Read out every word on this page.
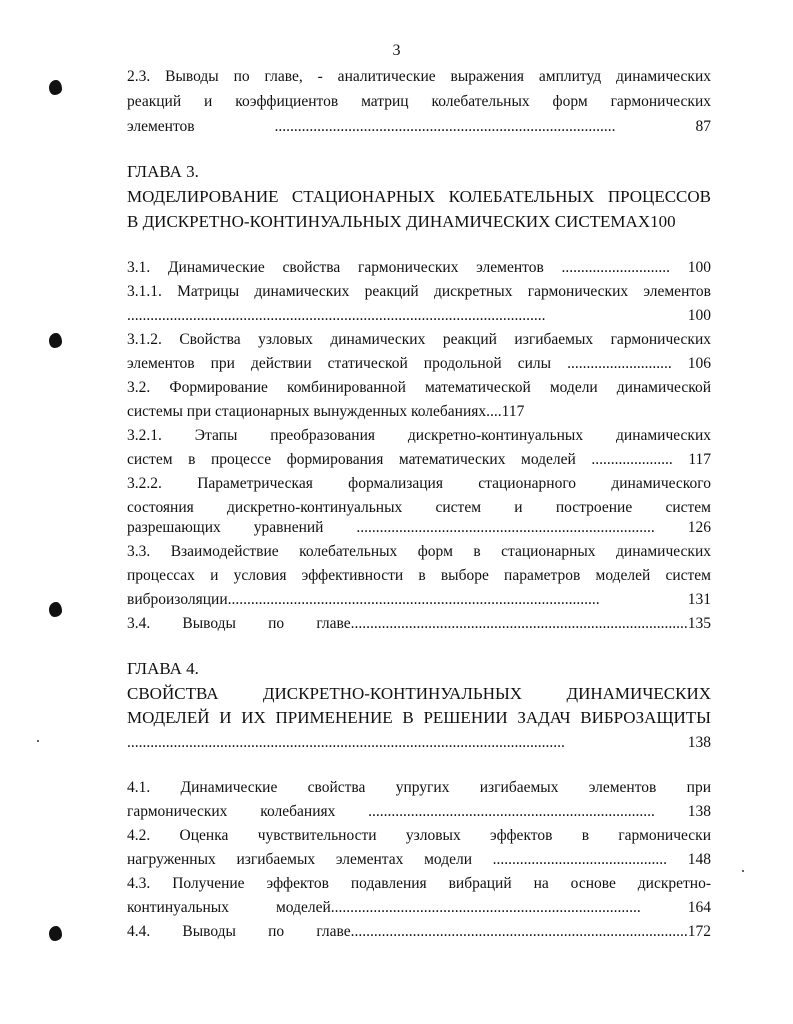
3
2.3. Выводы по главе, - аналитические выражения амплитуд динамических
реакций и коэффициентов матриц колебательных форм гармонических
элементов ........................................................................................ 87
ГЛАВА 3.
МОДЕЛИРОВАНИЕ СТАЦИОНАРНЫХ КОЛЕБАТЕЛЬНЫХ ПРОЦЕССОВ
В ДИСКРЕТНО-КОНТИНУАЛЬНЫХ ДИНАМИЧЕСКИХ СИСТЕМАХ100
3.1. Динамические свойства гармонических элементов ............................ 100
3.1.1. Матрицы динамических реакций дискретных гармонических элементов
............................................................................................................ 100
3.1.2. Свойства узловых динамических реакций изгибаемых гармонических
элементов при действии статической продольной силы ........................... 106
3.2. Формирование комбинированной математической модели динамической
системы при стационарных вынужденных колебаниях....117
3.2.1. Этапы преобразования дискретно-континуальных динамических
систем в процессе формирования математических моделей ..................... 117
3.2.2. Параметрическая формализация стационарного динамического
состояния дискретно-континуальных систем и построение систем
разрешающих уравнений ............................................................................. 126
3.3. Взаимодействие колебательных форм в стационарных динамических
процессах и условия эффективности в выборе параметров моделей систем
виброизоляции................................................................................................ 131
3.4. Выводы по главе.......................................................................................135
ГЛАВА 4.
СВОЙСТВА ДИСКРЕТНО-КОНТИНУАЛЬНЫХ ДИНАМИЧЕСКИХ
МОДЕЛЕЙ И ИХ ПРИМЕНЕНИЕ В РЕШЕНИИ ЗАДАЧ ВИБРОЗАЩИТЫ
................................................................................................................. 138
4.1. Динамические свойства упругих изгибаемых элементов при
гармонических колебаниях .......................................................................... 138
4.2. Оценка чувствительности узловых эффектов в гармонически
нагруженных изгибаемых элементах модели ............................................. 148
4.3. Получение эффектов подавления вибраций на основе дискретно-
континуальных моделей................................................................................ 164
4.4. Выводы по главе.......................................................................................172
